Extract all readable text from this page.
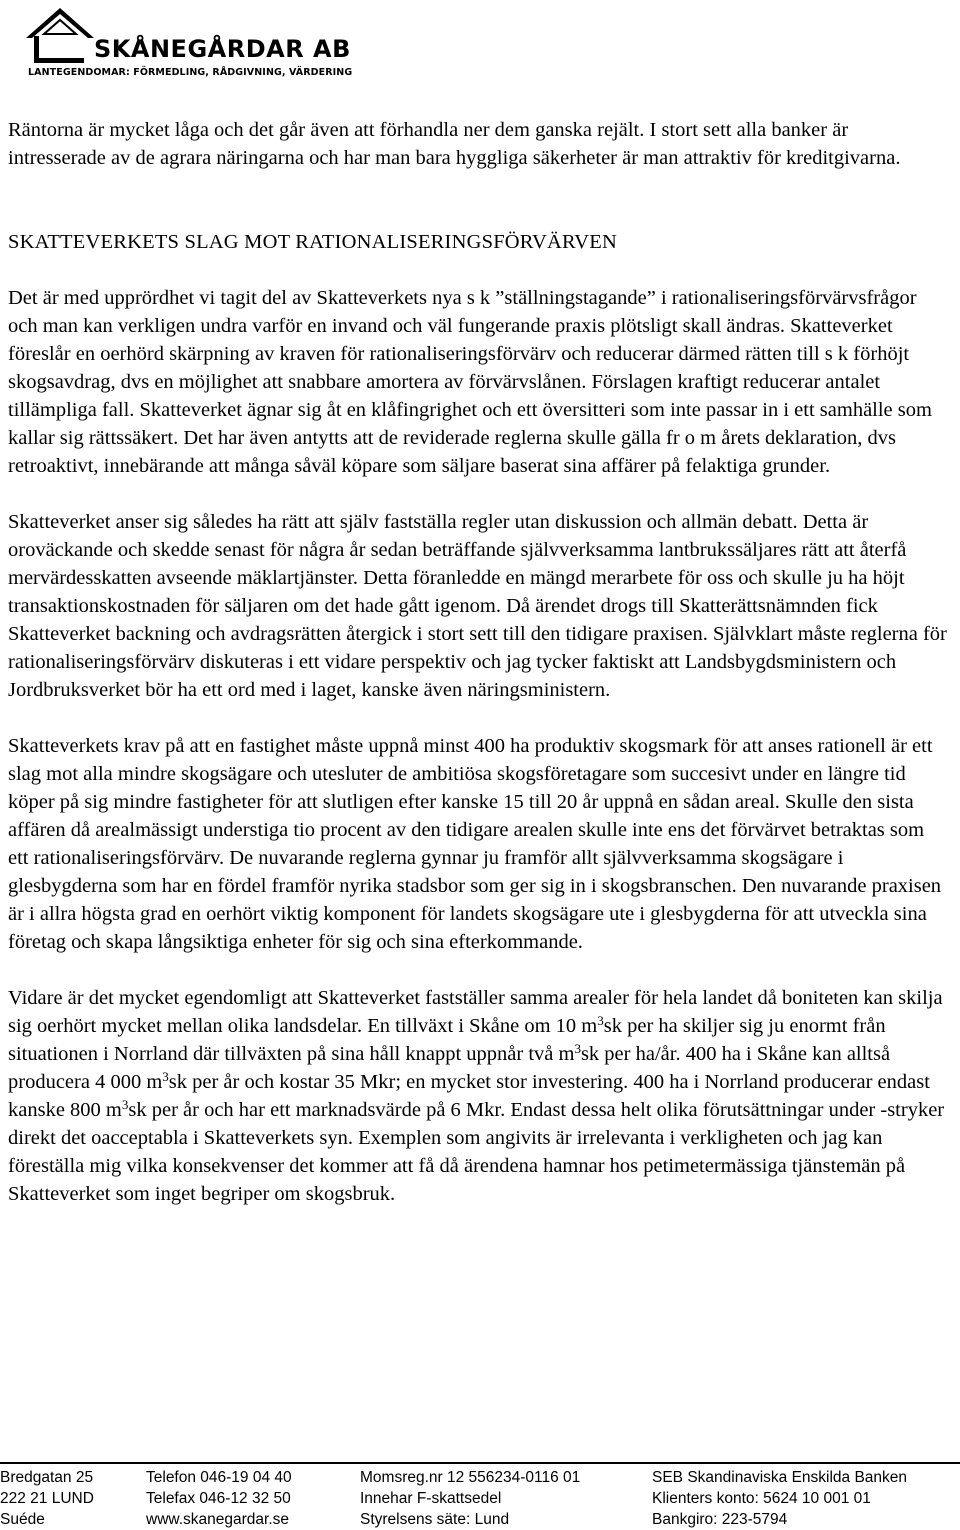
SKÅNEGÅRDAR AB
LANTEGENDOMAR: FÖRMEDLING, RÅDGIVNING, VÄRDERING

Räntorna är mycket låga och det går även att förhandla ner dem ganska rejält. I stort sett alla banker är intresserade av de agrara näringarna och har man bara hyggliga säkerheter är man attraktiv för kreditgivarna.

SKATTEVERKETS SLAG MOT RATIONALISERINGSFÖRVÄRVEN

Det är med upprördhet vi tagit del av Skatteverkets nya s k ”ställningstagande” i rationaliseringsförvärvsfrågor och man kan verkligen undra varför en invand och väl fungerande praxis plötsligt skall ändras. Skatteverket föreslår en oerhörd skärpning av kraven för rationaliseringsförvärv och reducerar därmed rätten till s k förhöjt skogsavdrag, dvs en möjlighet att snabbare amortera av förvärvslånen. Förslagen kraftigt reducerar antalet tillämpliga fall. Skatteverket ägnar sig åt en klåfingrighet och ett översitteri som inte passar in i ett samhälle som kallar sig rättssäkert. Det har även antytts att de reviderade reglerna skulle gälla fr o m årets deklaration, dvs retroaktivt, innebärande att många såväl köpare som säljare baserat sina affärer på felaktiga grunder.

Skatteverket anser sig således ha rätt att själv fastställa regler utan diskussion och allmän debatt. Detta är oroväckande och skedde senast för några år sedan beträffande självverksamma lantbrukssäljares rätt att återfå mervärdesskatten avseende mäklartjänster. Detta föranledde en mängd merarbete för oss och skulle ju ha höjt transaktionskostnaden för säljaren om det hade gått igenom. Då ärendet drogs till Skatterättsnämnden fick Skatteverket backning och avdragsrätten återgick i stort sett till den tidigare praxisen. Självklart måste reglerna för rationaliseringsförvärv diskuteras i ett vidare perspektiv och jag tycker faktiskt att Landsbygdsministern och Jordbruksverket bör ha ett ord med i laget, kanske även näringsministern.

Skatteverkets krav på att en fastighet måste uppnå minst 400 ha produktiv skogsmark för att anses rationell är ett slag mot alla mindre skogsägare och utesluter de ambitiösa skogsföretagare som succesivt under en längre tid köper på sig mindre fastigheter för att slutligen efter kanske 15 till 20 år uppnå en sådan areal. Skulle den sista affären då arealmässigt understiga tio procent av den tidigare arealen skulle inte ens det förvärvet betraktas som ett rationaliseringsförvärv. De nuvarande reglerna gynnar ju framför allt självverksamma skogsägare i glesbygderna som har en fördel framför nyrika stadsbor som ger sig in i skogsbranschen. Den nuvarande praxisen är i allra högsta grad en oerhört viktig komponent för landets skogsägare ute i glesbygderna för att utveckla sina företag och skapa långsiktiga enheter för sig och sina efterkommande.

Vidare är det mycket egendomligt att Skatteverket fastställer samma arealer för hela landet då boniteten kan skilja sig oerhört mycket mellan olika landsdelar. En tillväxt i Skåne om 10 $m^3sk$ per ha skiljer sig ju enormt från situationen i Norrland där tillväxten på sina håll knappt uppnår två $m^3sk$ per ha/år. 400 ha i Skåne kan alltså producera 4 000 $m^3sk$ per år och kostar 35 Mkr; en mycket stor investering. 400 ha i Norrland producerar endast kanske 800 $m^3sk$ per år och har ett marknadsvärde på 6 Mkr. Endast dessa helt olika förutsättningar under -stryker direkt det oacceptabla i Skatteverkets syn. Exemplen som angivits är irrelevanta i verkligheten och jag kan föreställa mig vilka konsekvenser det kommer att få då ärendena hamnar hos petimetermässiga tjänstemän på Skatteverket som inget begriper om skogsbruk.

Bredgatan 25
222 21 LUND
Suéde
Telefon 046-19 04 40
Telefax 046-12 32 50
www.skanegardar.se
Momsreg.nr 12 556234-0116 01
Innehar F-skattsedel
Styrelsens säte: Lund
SEB Skandinaviska Enskilda Banken
Klienters konto: 5624 10 001 01
Bankgiro: 223-5794
